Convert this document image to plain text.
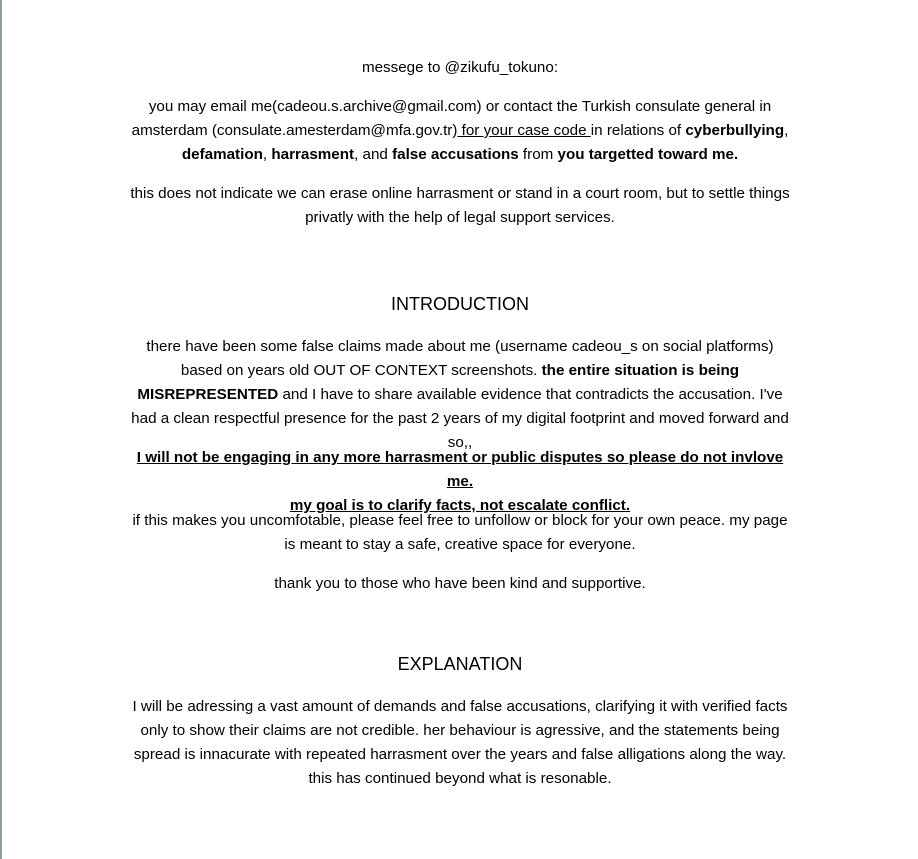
messege to @zikufu_tokuno:

you may email me(cadeou.s.archive@gmail.com) or contact the Turkish consulate general in amsterdam (consulate.amesterdam@mfa.gov.tr) for your case code in relations of cyberbullying, defamation, harrasment, and false accusations from you targetted toward me.

this does not indicate we can erase online harrasment or stand in a court room, but to settle things privatly with the help of legal support services.

INTRODUCTION

there have been some false claims made about me (username cadeou_s on social platforms) based on years old OUT OF CONTEXT screenshots. the entire situation is being MISREPRESENTED and I have to share available evidence that contradicts the accusation. I've had a clean respectful presence for the past 2 years of my digital footprint and moved forward and so,,

I will not be engaging in any more harrasment or public disputes so please do not invlove me.
my goal is to clarify facts, not escalate conflict.

if this makes you uncomfotable, please feel free to unfollow or block for your own peace. my page is meant to stay a safe, creative space for everyone.

thank you to those who have been kind and supportive.

EXPLANATION

I will be adressing a vast amount of demands and false accusations, clarifying it with verified facts only to show their claims are not credible. her behaviour is agressive, and the statements being spread is innacurate with repeated harrasment over the years and false alligations along the way. this has continued beyond what is resonable.
